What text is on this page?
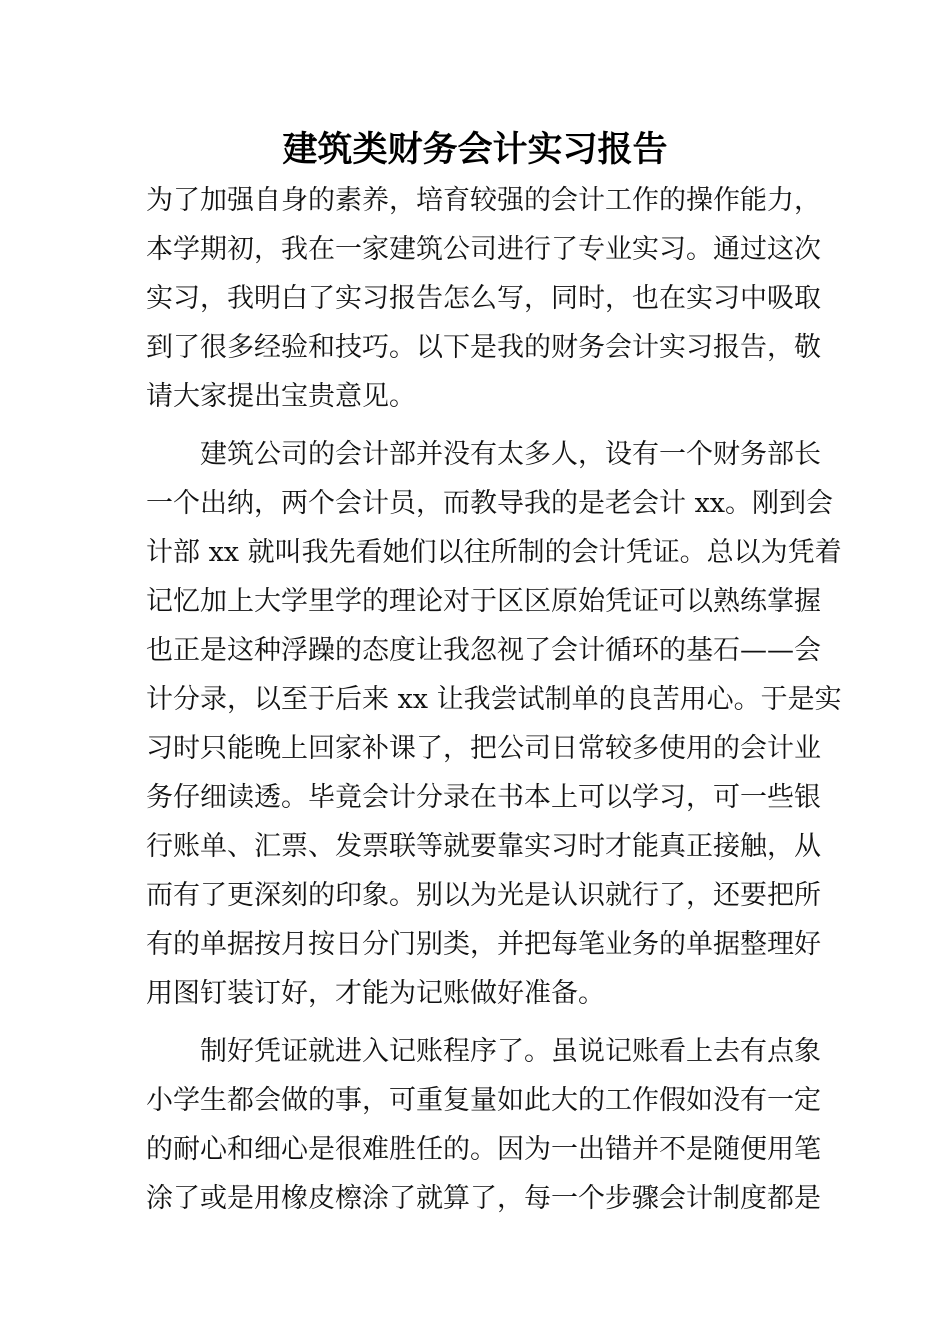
建筑类财务会计实习报告
为了加强自身的素养，培育较强的会计工作的操作能力，
本学期初，我在一家建筑公司进行了专业实习。通过这次
实习，我明白了实习报告怎么写，同时，也在实习中吸取
到了很多经验和技巧。以下是我的财务会计实习报告，敬
请大家提出宝贵意见。
　　建筑公司的会计部并没有太多人，设有一个财务部长
一个出纳，两个会计员，而教导我的是老会计 xx。刚到会
计部 xx 就叫我先看她们以往所制的会计凭证。总以为凭着
记忆加上大学里学的理论对于区区原始凭证可以熟练掌握
也正是这种浮躁的态度让我忽视了会计循环的基石——会
计分录，以至于后来 xx 让我尝试制单的良苦用心。于是实
习时只能晚上回家补课了，把公司日常较多使用的会计业
务仔细读透。毕竟会计分录在书本上可以学习，可一些银
行账单、汇票、发票联等就要靠实习时才能真正接触，从
而有了更深刻的印象。别以为光是认识就行了，还要把所
有的单据按月按日分门别类，并把每笔业务的单据整理好
用图钉装订好，才能为记账做好准备。
　　制好凭证就进入记账程序了。虽说记账看上去有点象
小学生都会做的事，可重复量如此大的工作假如没有一定
的耐心和细心是很难胜任的。因为一出错并不是随便用笔
涂了或是用橡皮檫涂了就算了，每一个步骤会计制度都是
